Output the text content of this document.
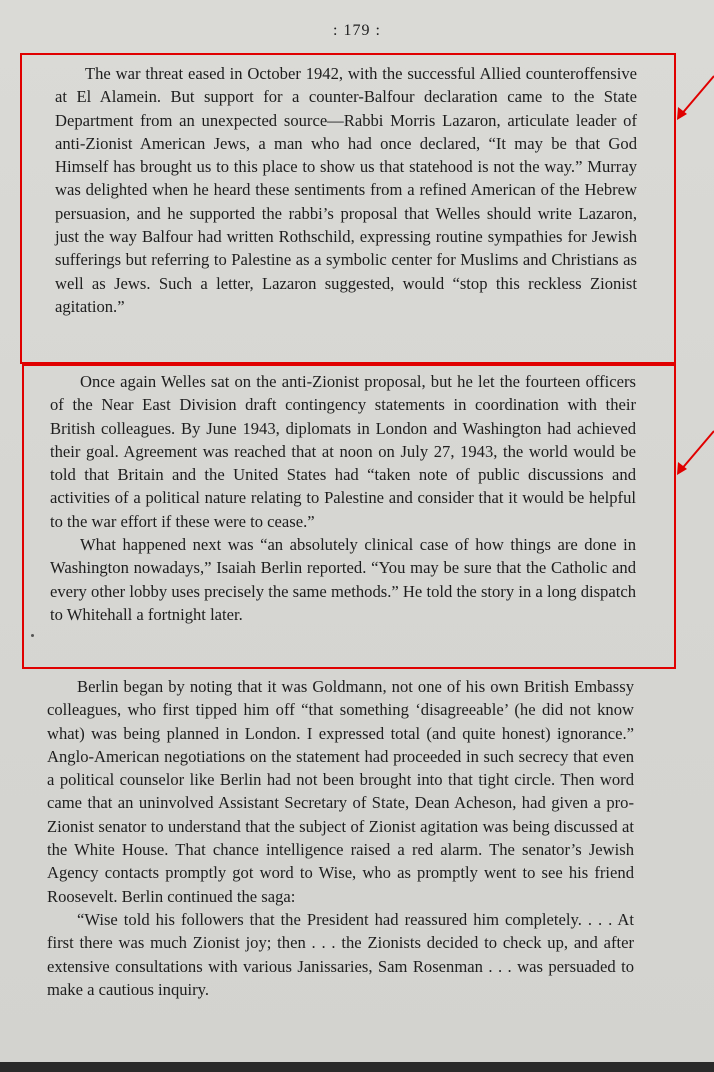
: 179 :

The war threat eased in October 1942, with the successful Allied counteroffensive at El Alamein. But support for a counter-Balfour declaration came to the State Department from an unexpected source—Rabbi Morris Lazaron, articulate leader of anti-Zionist American Jews, a man who had once declared, “It may be that God Himself has brought us to this place to show us that statehood is not the way.” Murray was delighted when he heard these sentiments from a refined American of the Hebrew persuasion, and he supported the rabbi’s proposal that Welles should write Lazaron, just the way Balfour had written Rothschild, expressing routine sympathies for Jewish sufferings but referring to Palestine as a symbolic center for Muslims and Christians as well as Jews. Such a letter, Lazaron suggested, would “stop this reckless Zionist agitation.”

Once again Welles sat on the anti-Zionist proposal, but he let the fourteen officers of the Near East Division draft contingency statements in coordination with their British colleagues. By June 1943, diplomats in London and Washington had achieved their goal. Agreement was reached that at noon on July 27, 1943, the world would be told that Britain and the United States had “taken note of public discussions and activities of a political nature relating to Palestine and consider that it would be helpful to the war effort if these were to cease.”

What happened next was “an absolutely clinical case of how things are done in Washington nowadays,” Isaiah Berlin reported. “You may be sure that the Catholic and every other lobby uses precisely the same methods.” He told the story in a long dispatch to Whitehall a fortnight later.

Berlin began by noting that it was Goldmann, not one of his own British Embassy colleagues, who first tipped him off “that something ‘disagreeable’ (he did not know what) was being planned in London. I expressed total (and quite honest) ignorance.” Anglo-American negotiations on the statement had proceeded in such secrecy that even a political counselor like Berlin had not been brought into that tight circle. Then word came that an uninvolved Assistant Secretary of State, Dean Acheson, had given a pro-Zionist senator to understand that the subject of Zionist agitation was being discussed at the White House. That chance intelligence raised a red alarm. The senator’s Jewish Agency contacts promptly got word to Wise, who as promptly went to see his friend Roosevelt. Berlin continued the saga:

“Wise told his followers that the President had reassured him completely. . . . At first there was much Zionist joy; then . . . the Zionists decided to check up, and after extensive consultations with various Janissaries, Sam Rosenman . . . was persuaded to make a cautious inquiry.
